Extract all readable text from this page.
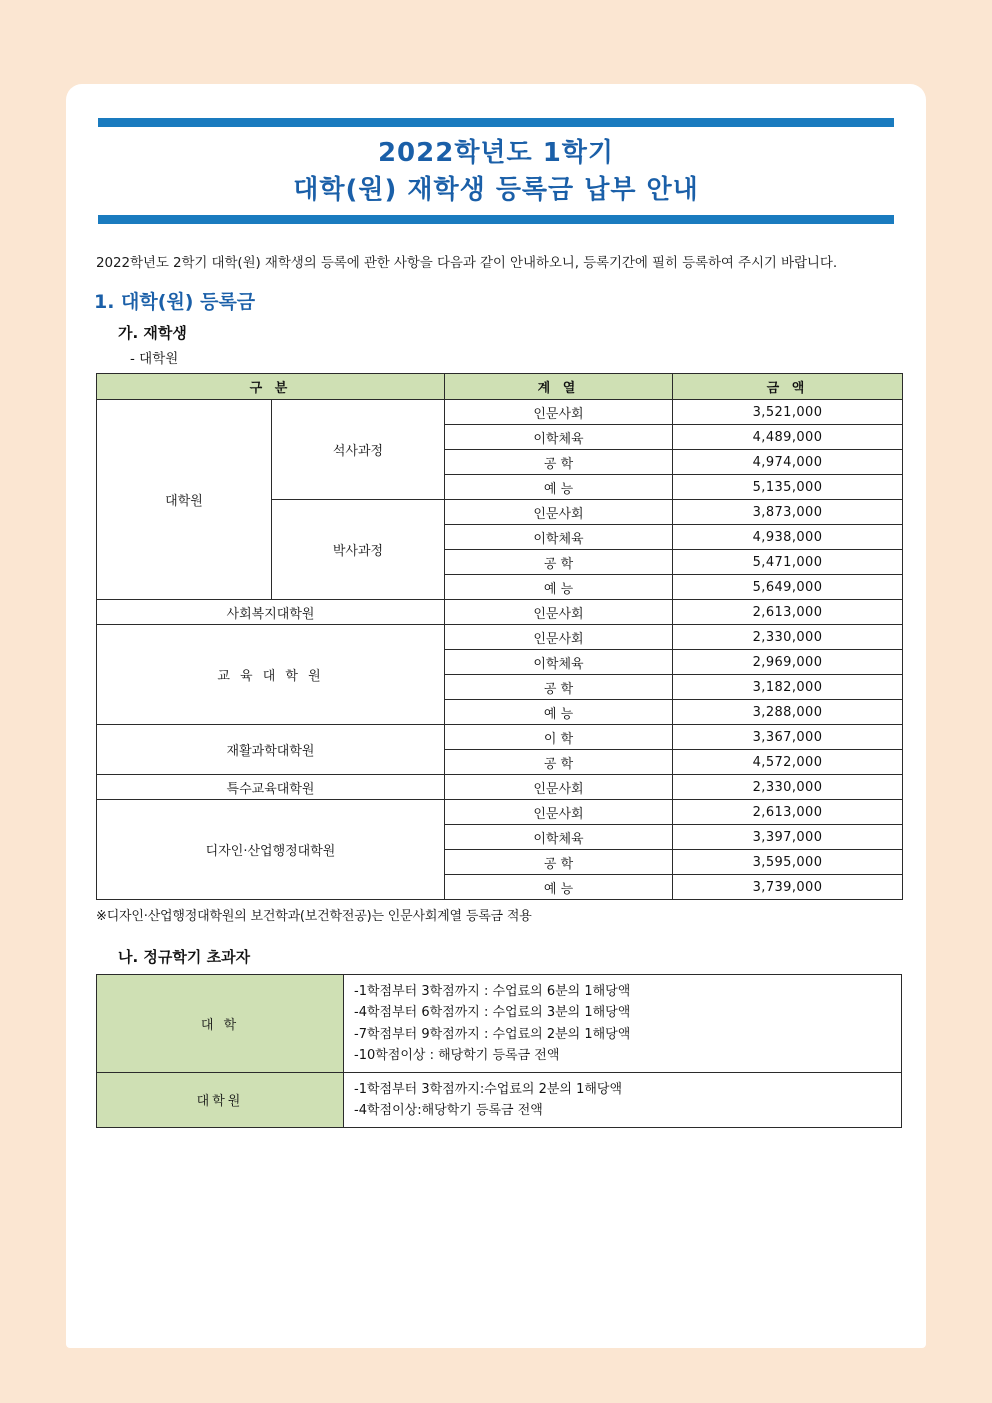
2022학년도 1학기
대학(원) 재학생 등록금 납부 안내
2022학년도 2학기 대학(원) 재학생의 등록에 관한 사항을 다음과 같이 안내하오니, 등록기간에 필히 등록하여 주시기 바랍니다.
1. 대학(원) 등록금
가. 재학생
- 대학원
구 분		계 열	금 액
대학원	석사과정	인문사회	3,521,000
		이학체육	4,489,000
		공 학	4,974,000
		예 능	5,135,000
	박사과정	인문사회	3,873,000
		이학체육	4,938,000
		공 학	5,471,000
		예 능	5,649,000
사회복지대학원		인문사회	2,613,000
교 육 대 학 원		인문사회	2,330,000
		이학체육	2,969,000
		공 학	3,182,000
		예 능	3,288,000
재활과학대학원		이 학	3,367,000
		공 학	4,572,000
특수교육대학원		인문사회	2,330,000
디자인·산업행정대학원		인문사회	2,613,000
		이학체육	3,397,000
		공 학	3,595,000
		예 능	3,739,000
※디자인·산업행정대학원의 보건학과(보건학전공)는 인문사회계열 등록금 적용
나. 정규학기 초과자
대 학	-1학점부터 3학점까지 : 수업료의 6분의 1해당액
-4학점부터 6학점까지 : 수업료의 3분의 1해당액
-7학점부터 9학점까지 : 수업료의 2분의 1해당액
-10학점이상 : 해당학기 등록금 전액

대학원	-1학점부터 3학점까지:수업료의 2분의 1해당액
-4학점이상:해당학기 등록금 전액
